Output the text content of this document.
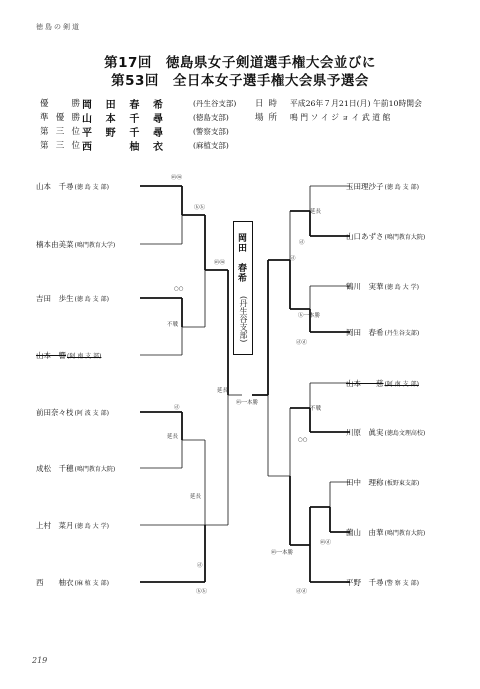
徳島の剣道
第17回　徳島県女子剣道選手権大会並びに
第53回　全日本女子選手権大会県予選会
優勝 岡田春希	(丹生谷支部)
準優勝 山本千尋	(徳島支部)
第三位 平野千尋	(警察支部)
第三位 西　柚衣	(麻植支部)
日時 平成26年７月21日(月) 午前10時開会
場所 鳴 門 ソ イ ジ ョ イ 武 道 館
岡田　春希
(丹生谷支部)
山本　千尋(徳 島 支 部)
楠本由美菜(鳴門教育大学)
吉田　歩生(徳 島 支 部)
山本　響(阿 南 支 部)
前田奈々枝(阿 波 支 部)
成松　千穂(鳴門教育大院)
上村　菜月(徳 島 大 学)
西　　柚衣(麻 植 支 部)
玉田理沙子(徳 島 支 部)
山口あずさ(鳴門教育大院)
鶴川　実華(徳 島 大 学)
岡田　春希(丹生谷支部)
山本　　慈(阿 南 支 部)
川原　眞実(徳島文理高校)
田中　理称(板野東支部)
薗山　由華(鳴門教育大院)
平野　千尋(警 察 支 部)
ⓜⓜ
ⓚⓚ
ⓜⓜ
○○
不戦
延長
ⓓ
延長
延長
ⓓ
ⓚⓚ
延長
ⓓ
ⓓ
ⓚ一本勝
ⓓⓓ
ⓜ一本勝
不戦
○○
ⓜⓓ
ⓜ一本勝
ⓓⓓ
219
